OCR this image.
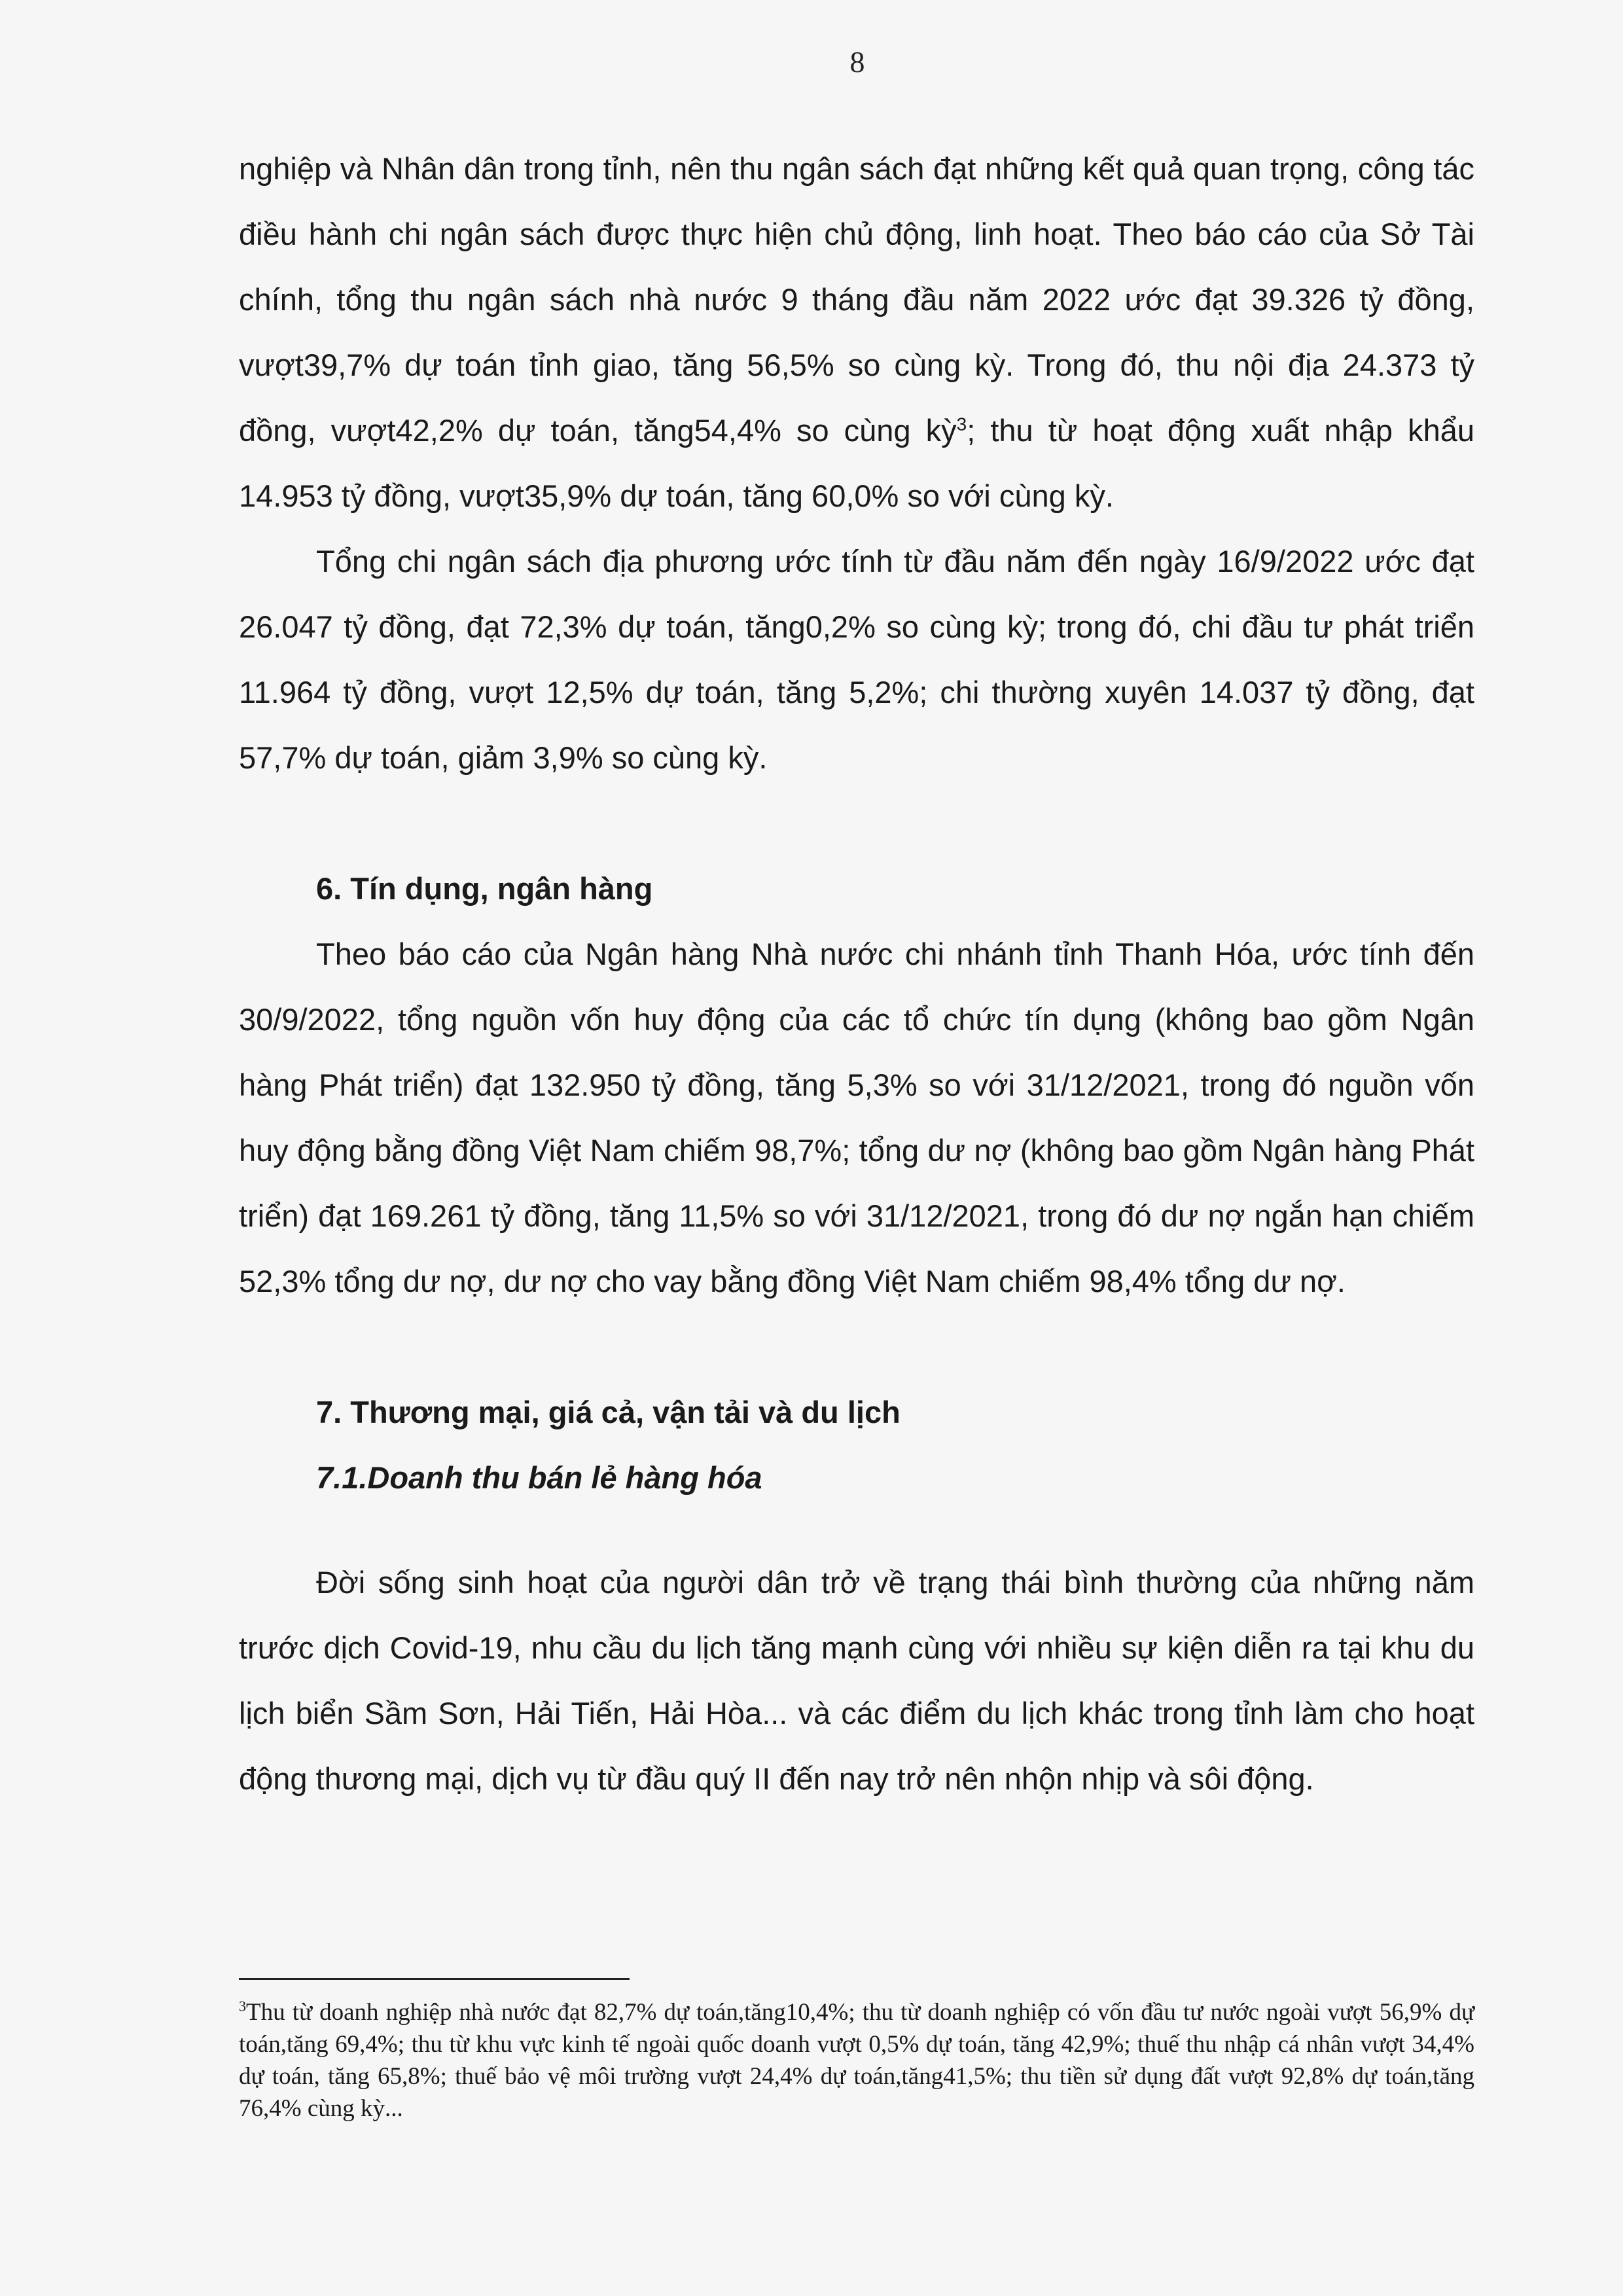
8

nghiệp và Nhân dân trong tỉnh, nên thu ngân sách đạt những kết quả quan trọng, công tác điều hành chi ngân sách được thực hiện chủ động, linh hoạt. Theo báo cáo của Sở Tài chính, tổng thu ngân sách nhà nước 9 tháng đầu năm 2022 ước đạt 39.326 tỷ đồng, vượt39,7% dự toán tỉnh giao, tăng 56,5% so cùng kỳ. Trong đó, thu nội địa 24.373 tỷ đồng, vượt42,2% dự toán, tăng54,4% so cùng kỳ$^3$; thu từ hoạt động xuất nhập khẩu 14.953 tỷ đồng, vượt35,9% dự toán, tăng 60,0% so với cùng kỳ.

Tổng chi ngân sách địa phương ước tính từ đầu năm đến ngày 16/9/2022 ước đạt 26.047 tỷ đồng, đạt 72,3% dự toán, tăng0,2% so cùng kỳ; trong đó, chi đầu tư phát triển 11.964 tỷ đồng, vượt 12,5% dự toán, tăng 5,2%; chi thường xuyên 14.037 tỷ đồng, đạt 57,7% dự toán, giảm 3,9% so cùng kỳ.

6. Tín dụng, ngân hàng

Theo báo cáo của Ngân hàng Nhà nước chi nhánh tỉnh Thanh Hóa, ước tính đến 30/9/2022, tổng nguồn vốn huy động của các tổ chức tín dụng (không bao gồm Ngân hàng Phát triển) đạt 132.950 tỷ đồng, tăng 5,3% so với 31/12/2021, trong đó nguồn vốn huy động bằng đồng Việt Nam chiếm 98,7%; tổng dư nợ (không bao gồm Ngân hàng Phát triển) đạt 169.261 tỷ đồng, tăng 11,5% so với 31/12/2021, trong đó dư nợ ngắn hạn chiếm 52,3% tổng dư nợ, dư nợ cho vay bằng đồng Việt Nam chiếm 98,4% tổng dư nợ.

7. Thương mại, giá cả, vận tải và du lịch
7.1.Doanh thu bán lẻ hàng hóa

Đời sống sinh hoạt của người dân trở về trạng thái bình thường của những năm trước dịch Covid-19, nhu cầu du lịch tăng mạnh cùng với nhiều sự kiện diễn ra tại khu du lịch biển Sầm Sơn, Hải Tiến, Hải Hòa... và các điểm du lịch khác trong tỉnh làm cho hoạt động thương mại, dịch vụ từ đầu quý II đến nay trở nên nhộn nhịp và sôi động.

$^3$Thu từ doanh nghiệp nhà nước đạt 82,7% dự toán,tăng10,4%; thu từ doanh nghiệp có vốn đầu tư nước ngoài vượt 56,9% dự toán,tăng 69,4%; thu từ khu vực kinh tế ngoài quốc doanh vượt 0,5% dự toán, tăng 42,9%; thuế thu nhập cá nhân vượt 34,4% dự toán, tăng 65,8%; thuế bảo vệ môi trường vượt 24,4% dự toán,tăng41,5%; thu tiền sử dụng đất vượt 92,8% dự toán,tăng 76,4% cùng kỳ...
